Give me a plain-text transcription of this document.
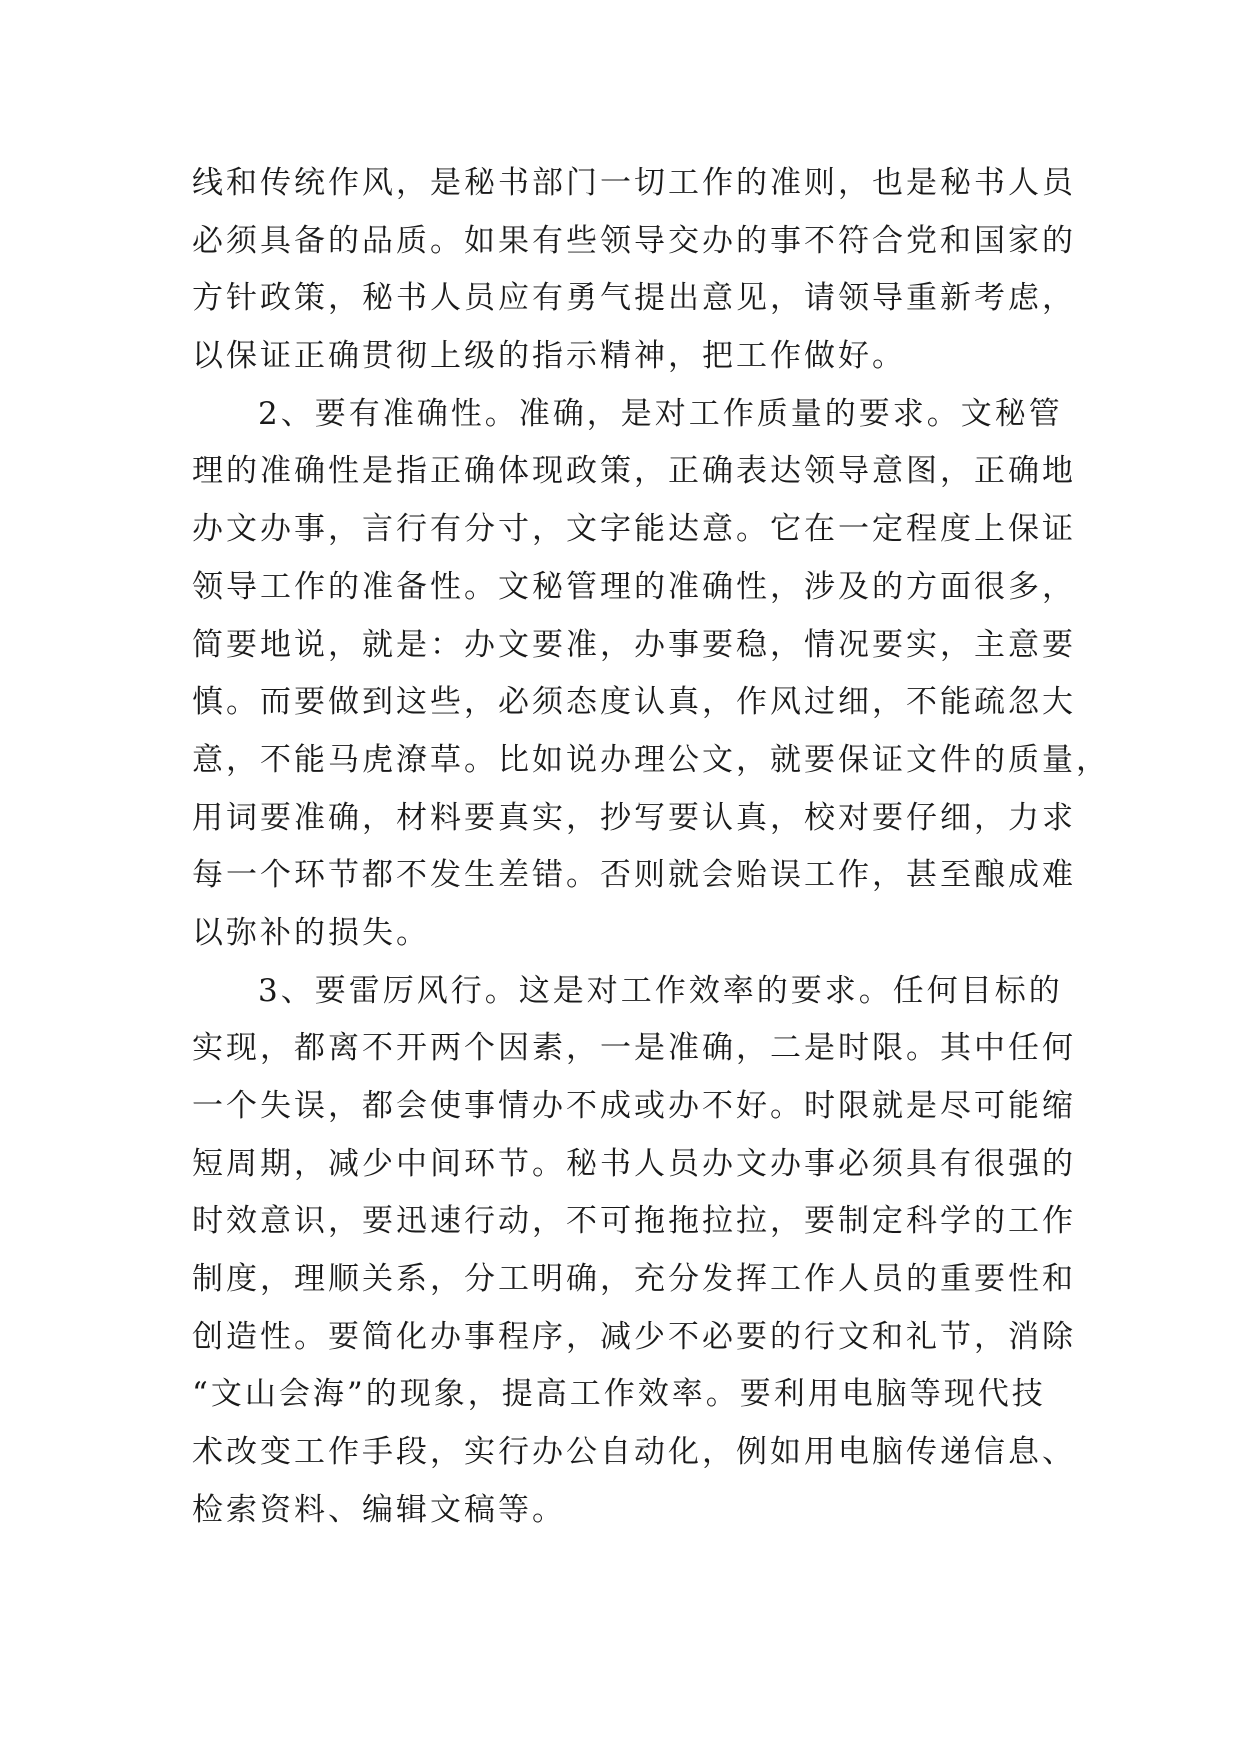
线和传统作风，是秘书部门一切工作的准则，也是秘书人员

必须具备的品质。如果有些领导交办的事不符合党和国家的

方针政策，秘书人员应有勇气提出意见，请领导重新考虑，

以保证正确贯彻上级的指示精神，把工作做好。

2、要有准确性。准确，是对工作质量的要求。文秘管

理的准确性是指正确体现政策，正确表达领导意图，正确地

办文办事，言行有分寸，文字能达意。它在一定程度上保证

领导工作的准备性。文秘管理的准确性，涉及的方面很多，

简要地说，就是：办文要准，办事要稳，情况要实，主意要

慎。而要做到这些，必须态度认真，作风过细，不能疏忽大

意，不能马虎潦草。比如说办理公文，就要保证文件的质量，

用词要准确，材料要真实，抄写要认真，校对要仔细，力求

每一个环节都不发生差错。否则就会贻误工作，甚至酿成难

以弥补的损失。

3、要雷厉风行。这是对工作效率的要求。任何目标的

实现，都离不开两个因素，一是准确，二是时限。其中任何

一个失误，都会使事情办不成或办不好。时限就是尽可能缩

短周期，减少中间环节。秘书人员办文办事必须具有很强的

时效意识，要迅速行动，不可拖拖拉拉，要制定科学的工作

制度，理顺关系，分工明确，充分发挥工作人员的重要性和

创造性。要简化办事程序，减少不必要的行文和礼节，消除

“文山会海”的现象，提高工作效率。要利用电脑等现代技

术改变工作手段，实行办公自动化，例如用电脑传递信息、

检索资料、编辑文稿等。
